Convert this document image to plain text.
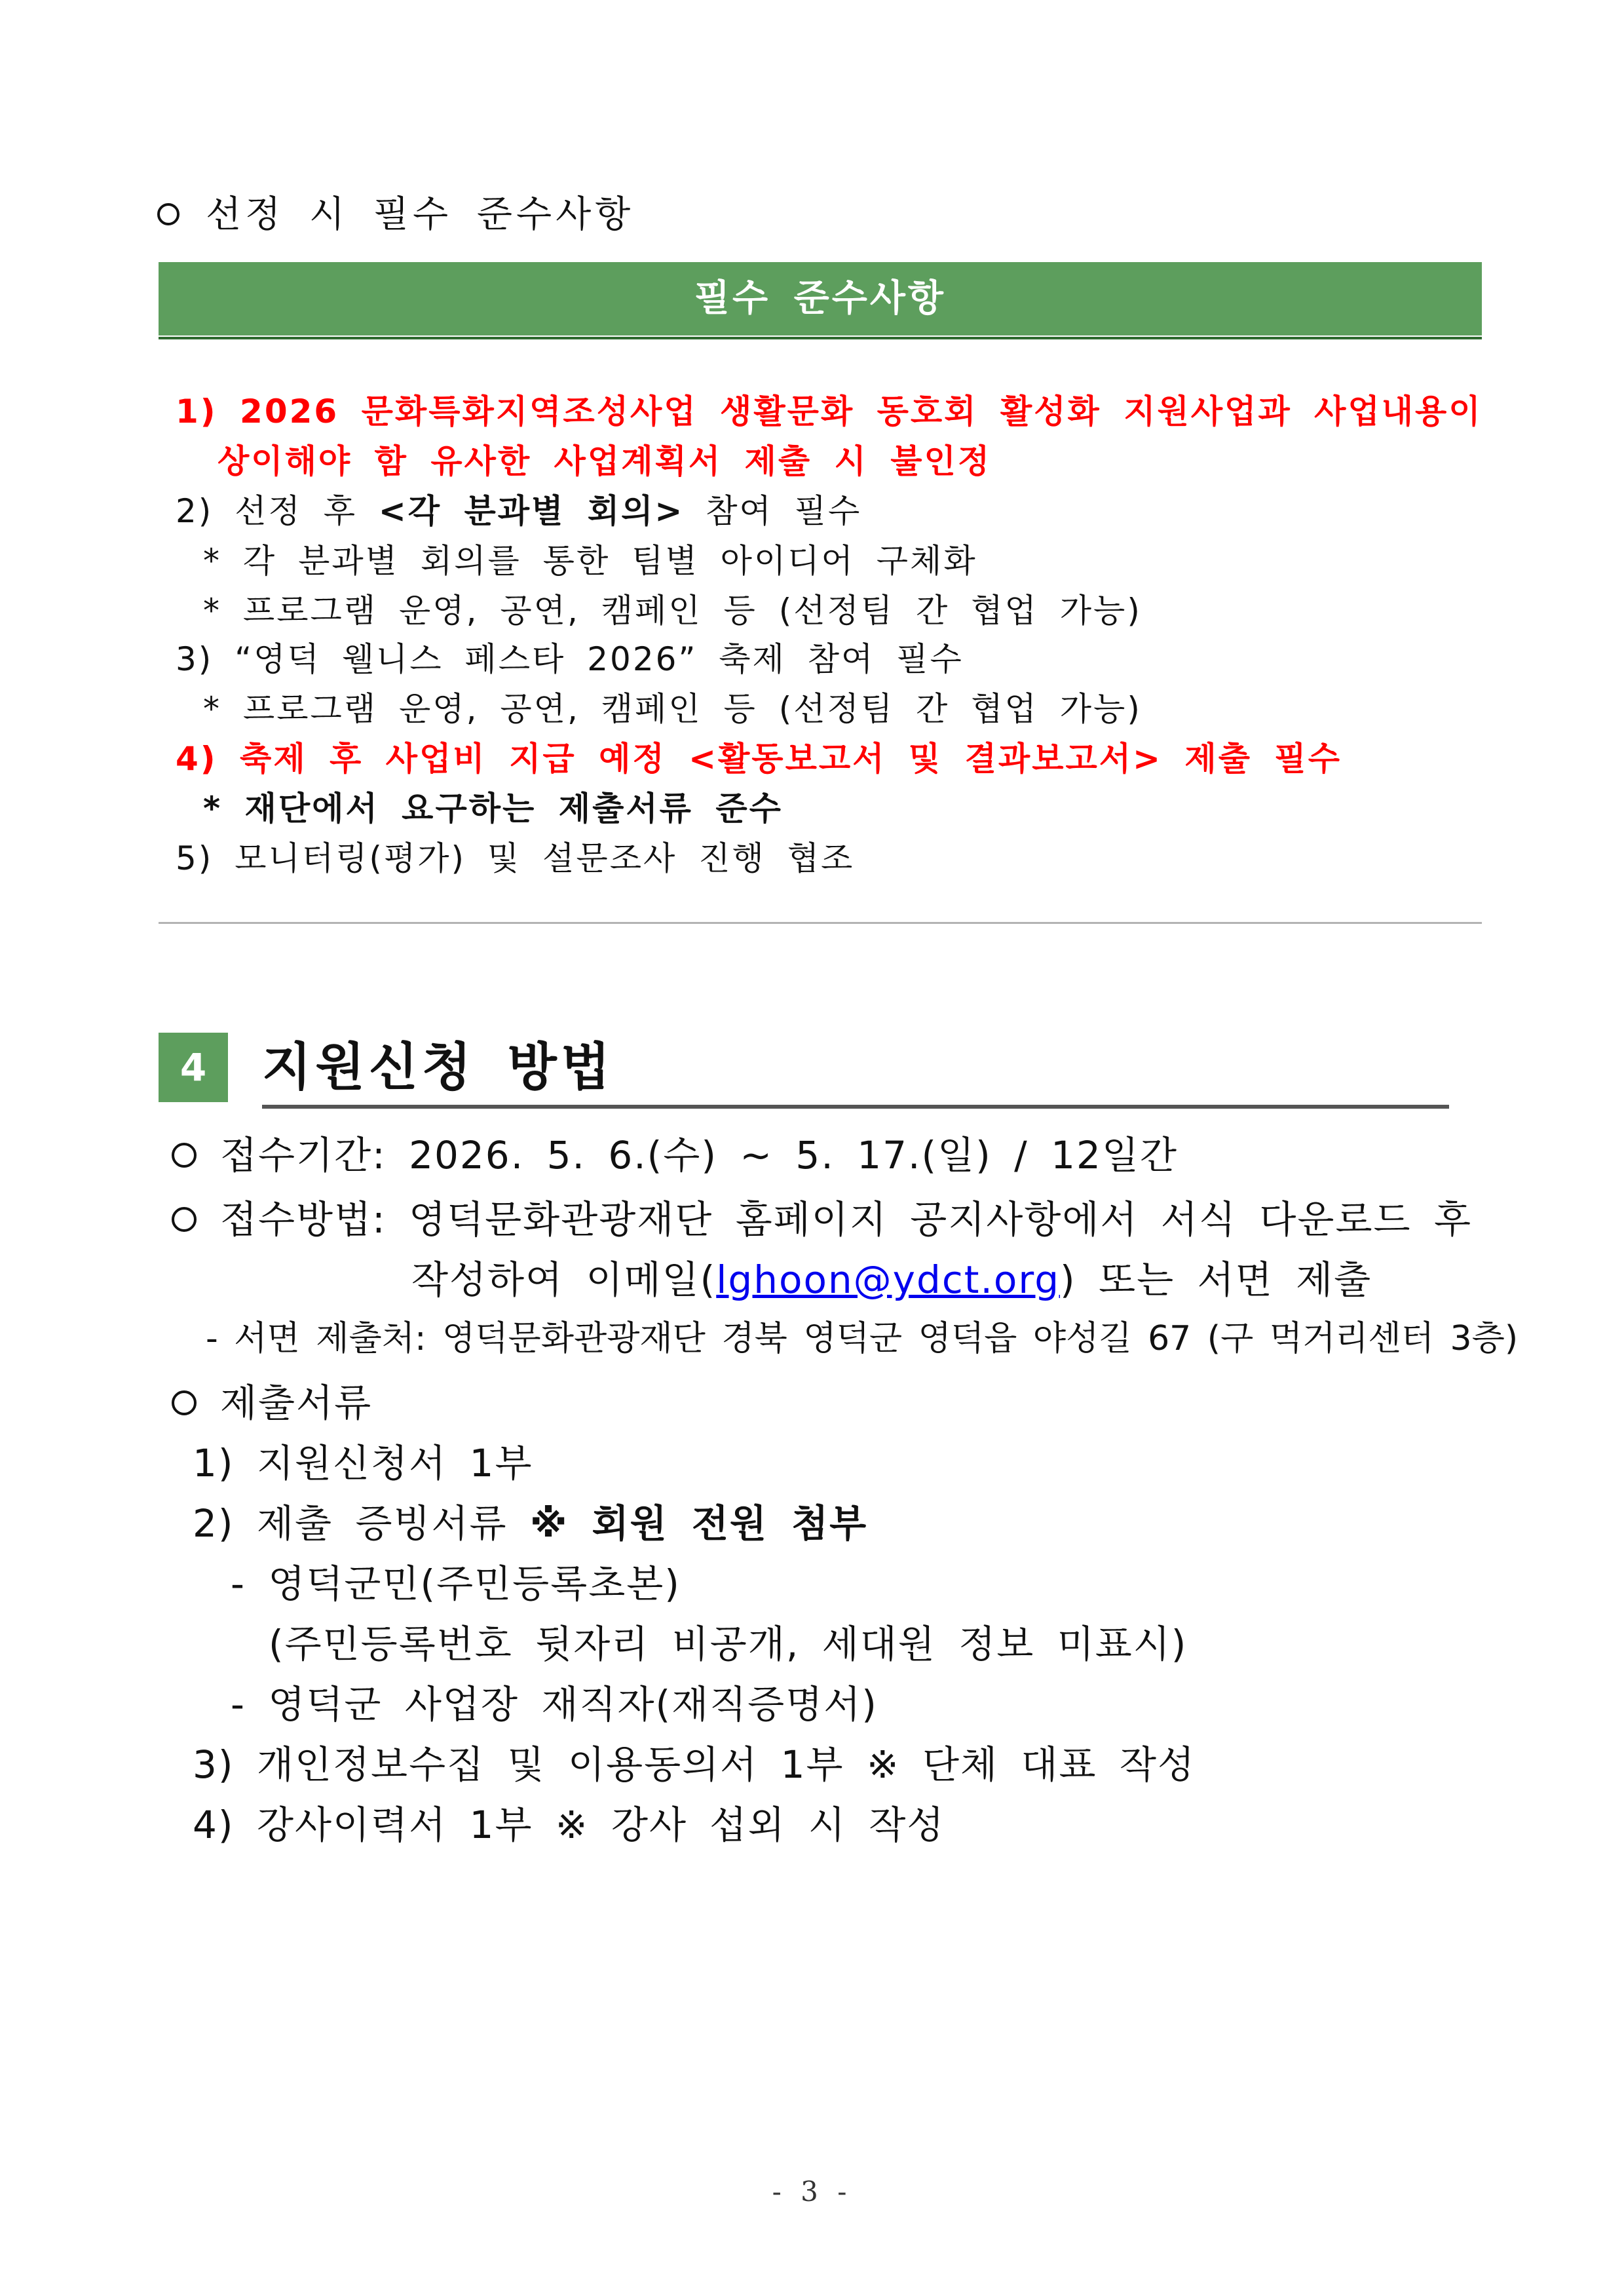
선정 시 필수 준수사항
필수 준수사항
1) 2026 문화특화지역조성사업 생활문화 동호회 활성화 지원사업과 사업내용이
상이해야 함 유사한 사업계획서 제출 시 불인정
2) 선정 후 <각 분과별 회의> 참여 필수
* 각 분과별 회의를 통한 팀별 아이디어 구체화
* 프로그램 운영, 공연, 캠페인 등 (선정팀 간 협업 가능)
3) “영덕 웰니스 페스타 2026” 축제 참여 필수
* 프로그램 운영, 공연, 캠페인 등 (선정팀 간 협업 가능)
4) 축제 후 사업비 지급 예정 <활동보고서 및 결과보고서> 제출 필수
* 재단에서 요구하는 제출서류 준수
5) 모니터링(평가) 및 설문조사 진행 협조
4	지원신청 방법
접수기간: 2026. 5. 6.(수) ~ 5. 17.(일) / 12일간
접수방법: 영덕문화관광재단 홈페이지 공지사항에서 서식 다운로드 후
작성하여 이메일(lghoon@ydct.org) 또는 서면 제출
- 서면 제출처: 영덕문화관광재단 경북 영덕군 영덕읍 야성길 67 (구 먹거리센터 3층)
제출서류
1) 지원신청서 1부
2) 제출 증빙서류 ※ 회원 전원 첨부
- 영덕군민(주민등록초본)
(주민등록번호 뒷자리 비공개, 세대원 정보 미표시)
- 영덕군 사업장 재직자(재직증명서)
3) 개인정보수집 및 이용동의서 1부 ※ 단체 대표 작성
4) 강사이력서 1부 ※ 강사 섭외 시 작성
- 3 -
